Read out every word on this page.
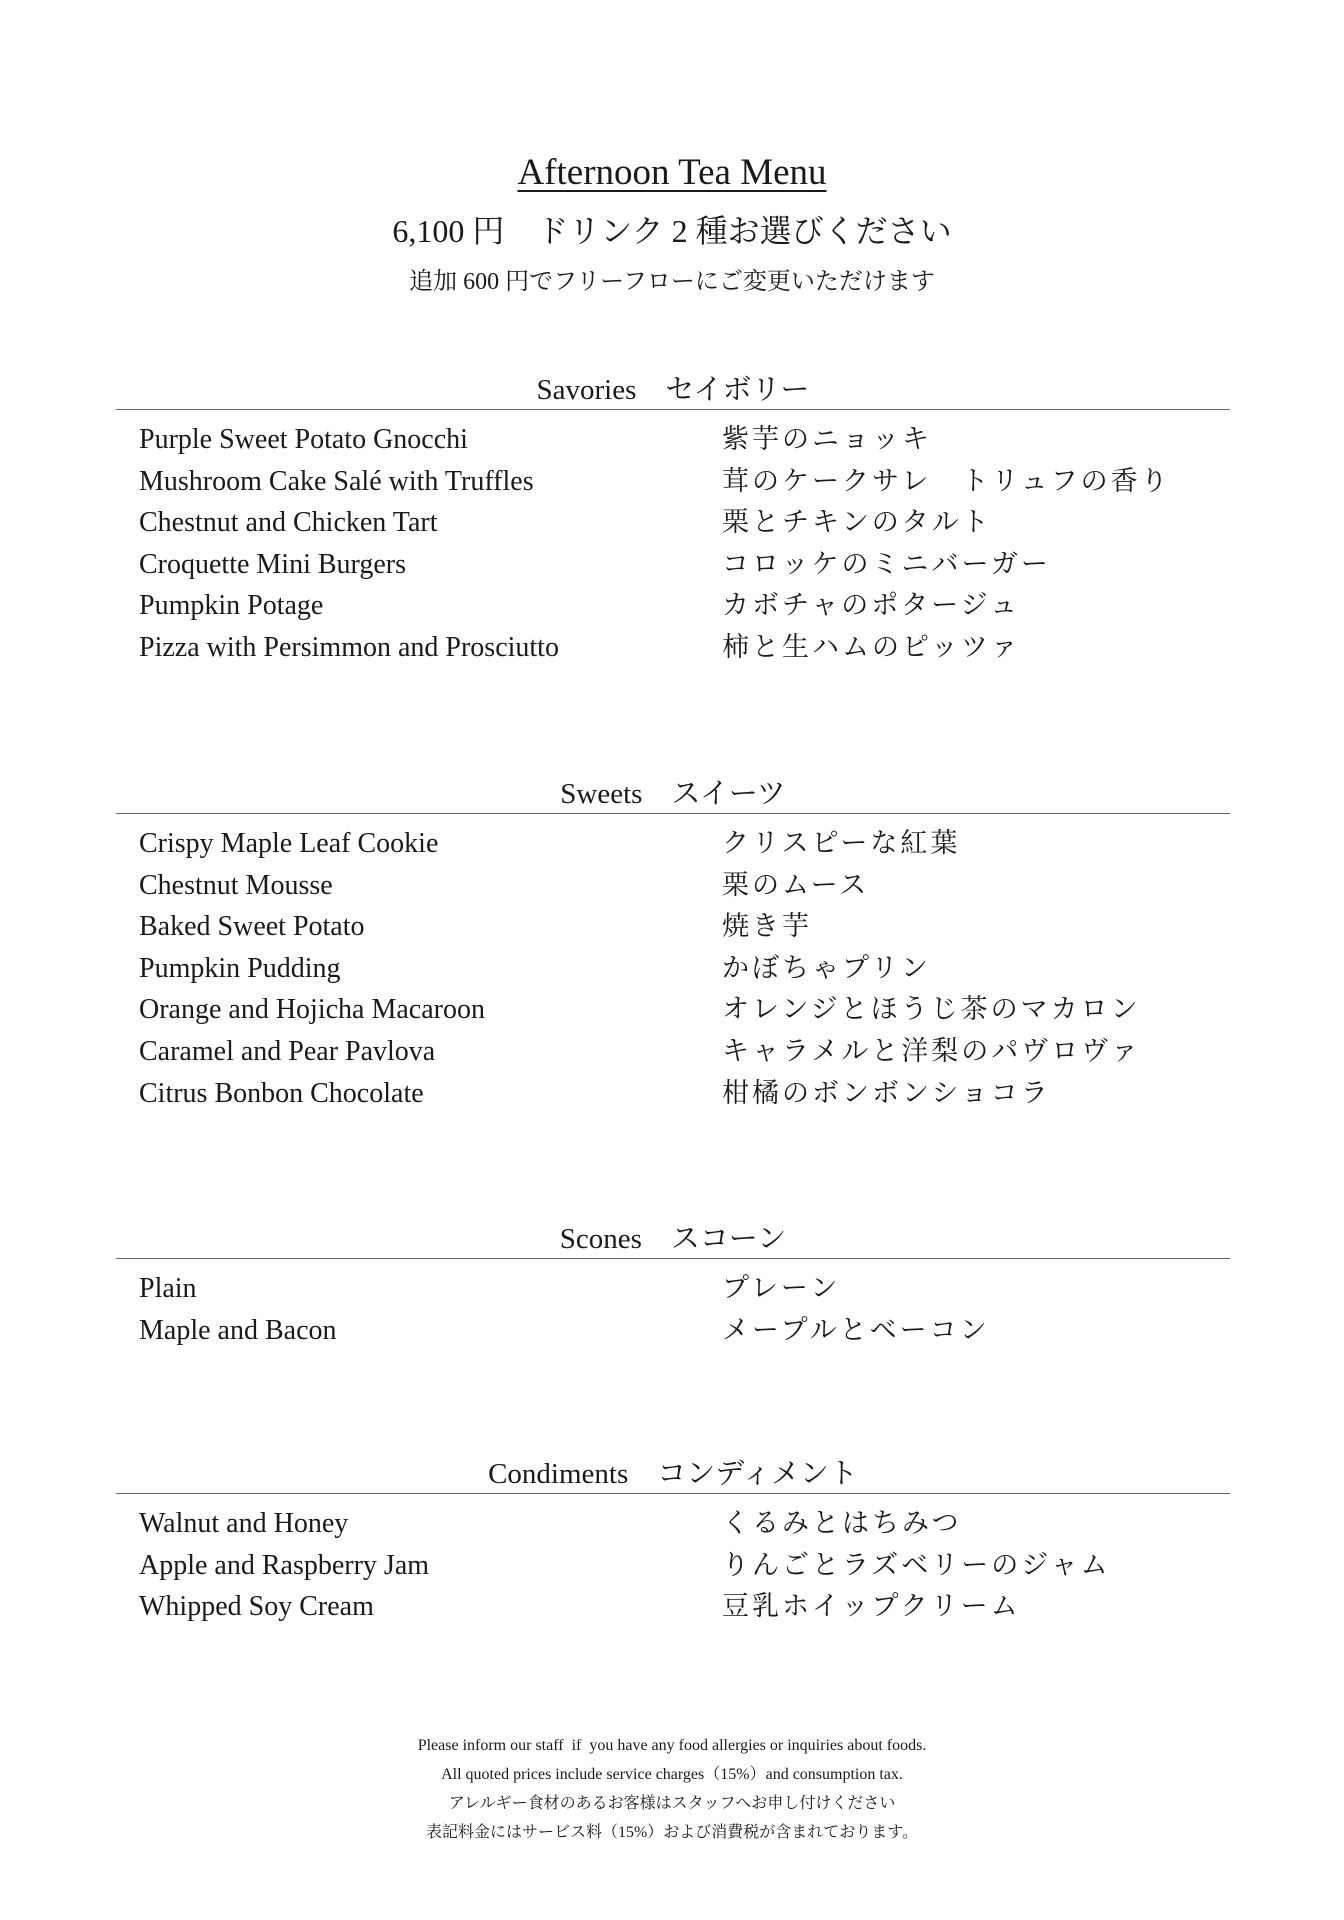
Afternoon Tea Menu
6,100 円　ドリンク 2 種お選びください
追加 600 円でフリーフローにご変更いただけます
Savories　セイボリー
Purple Sweet Potato Gnocchi	紫芋のニョッキ
Mushroom Cake Salé with Truffles	茸のケークサレ　トリュフの香り
Chestnut and Chicken Tart	栗とチキンのタルト
Croquette Mini Burgers	コロッケのミニバーガー
Pumpkin Potage	カボチャのポタージュ
Pizza with Persimmon and Prosciutto	柿と生ハムのピッツァ
Sweets　スイーツ
Crispy Maple Leaf Cookie	クリスピーな紅葉
Chestnut Mousse	栗のムース
Baked Sweet Potato	焼き芋
Pumpkin Pudding	かぼちゃプリン
Orange and Hojicha Macaroon	オレンジとほうじ茶のマカロン
Caramel and Pear Pavlova	キャラメルと洋梨のパヴロヴァ
Citrus Bonbon Chocolate	柑橘のボンボンショコラ
Scones　スコーン
Plain	プレーン
Maple and Bacon	メープルとベーコン
Condiments　コンディメント
Walnut and Honey	くるみとはちみつ
Apple and Raspberry Jam	りんごとラズベリーのジャム
Whipped Soy Cream	豆乳ホイップクリーム
Please inform our staff  if  you have any food allergies or inquiries about foods.
All quoted prices include service charges（15%）and consumption tax.
アレルギー食材のあるお客様はスタッフへお申し付けください
表記料金にはサービス料（15%）および消費税が含まれております。
